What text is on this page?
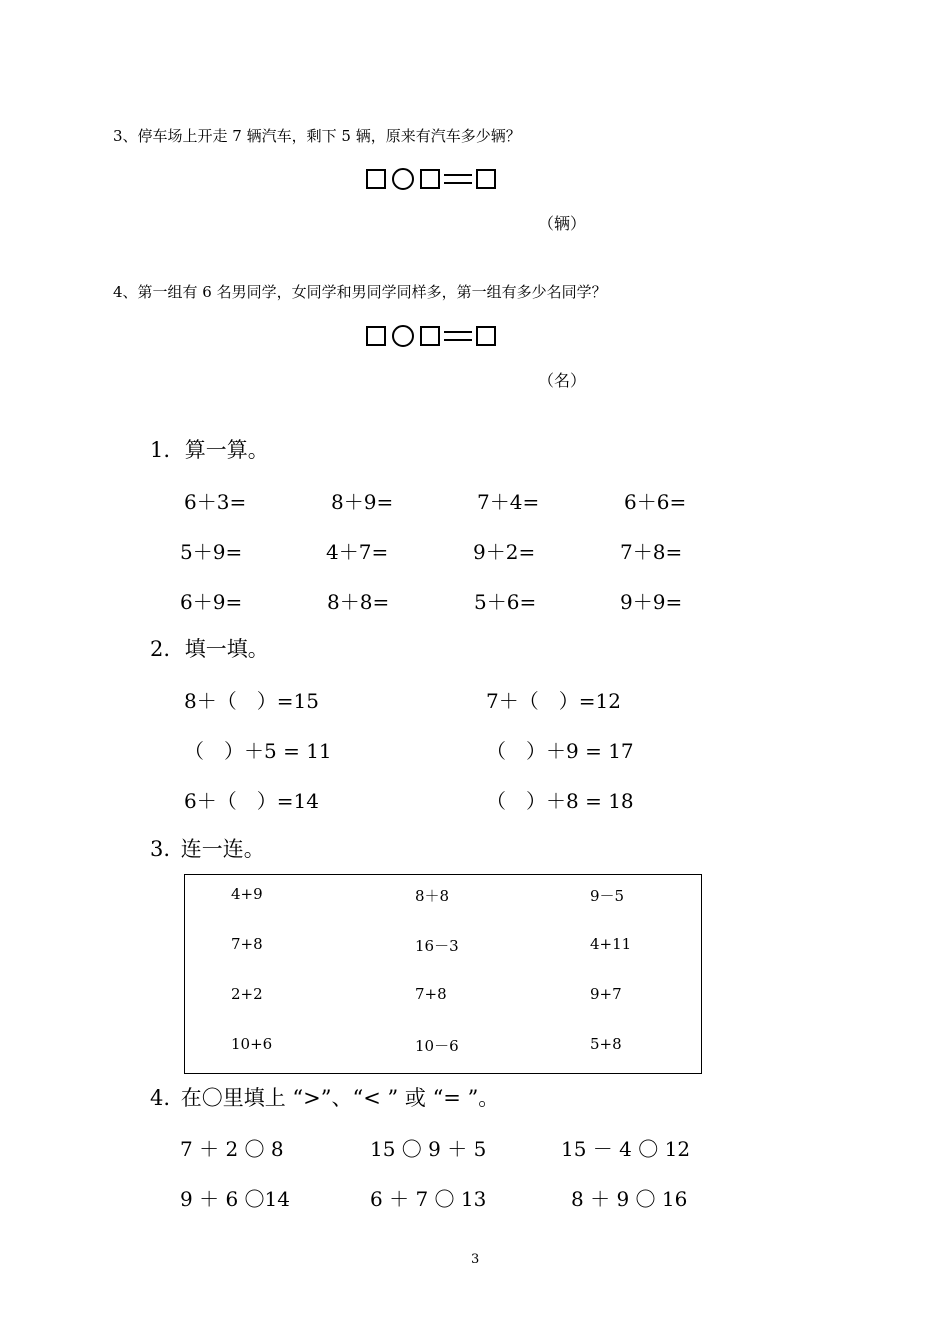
3、停车场上开走 7 辆汽车，剩下 5 辆，原来有汽车多少辆？
（辆）
4、第一组有 6 名男同学，女同学和男同学同样多，第一组有多少名同学？
（名）
1. 算一算。
6＋3=	8＋9=	7＋4=	6＋6=
5＋9=	4＋7=	9＋2=	7＋8=
6＋9=	8＋8=	5＋6=	9＋9=
2. 填一填。
8＋（　）=15	7＋（　）=12
（　）＋5 = 11	（　）＋9 = 17
6＋（　）=14	（　）＋8 = 18
3. 连一连。
4+9	8＋8	9－5
7+8	16－3	4+11
2+2	7+8	9+7
10+6	10－6	5+8
4. 在〇里填上 “>”、“< ” 或 “= ”。
7 ＋ 2 〇 8	15 〇 9 ＋ 5	15 － 4 〇 12
9 ＋ 6 〇14	6 ＋ 7 〇 13	8 ＋ 9 〇 16
3
